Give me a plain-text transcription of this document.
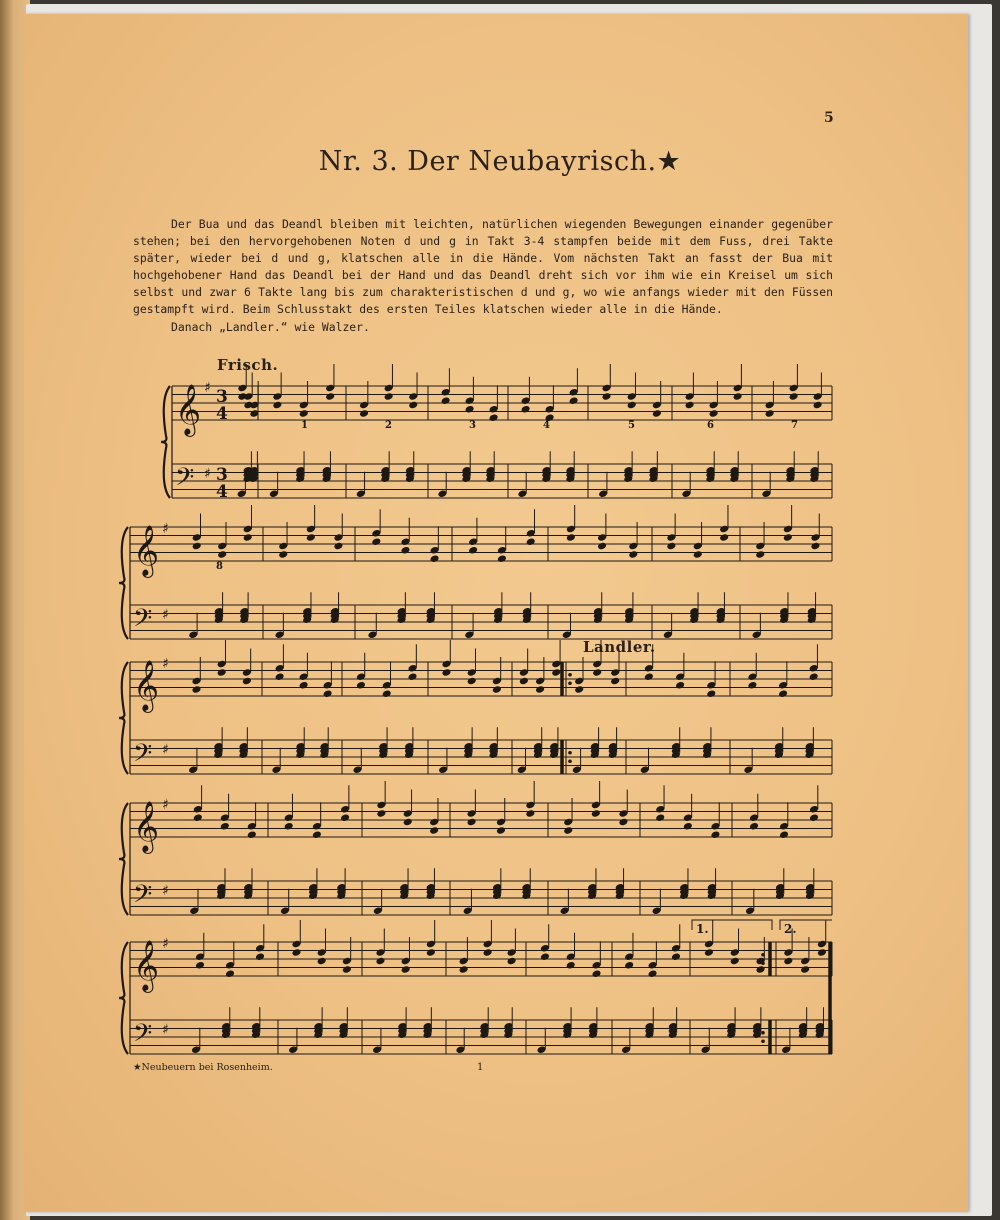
5
Nr. 3. Der Neubayrisch.★

Der Bua und das Deandl bleiben mit leichten, natürlichen wiegenden Bewegungen einander gegenüber stehen; bei den hervorgehobenen Noten d und g in Takt 3-4 stampfen beide mit dem Fuss, drei Takte später, wieder bei d und g, klatschen alle in die Hände. Vom nächsten Takt an fasst der Bua mit hochgehobener Hand das Deandl bei der Hand und das Deandl dreht sich vor ihm wie ein Kreisel um sich selbst und zwar 6 Takte lang bis zum charakteristischen d und g, wo wie anfangs wieder mit den Füssen gestampft wird. Beim Schlusstakt des ersten Teiles klatschen wieder alle in die Hände.

Danach „Landler.“ wie Walzer.

Frisch.
Landler.
𝄞
𝄢
♯
♯
3
4
3
4
𝄞
𝄢
♯
♯
𝄞
𝄢
♯
♯
𝄞
𝄢
♯
♯
𝄞
𝄢
♯
♯
1.	2.
1	2	3	4	5	6	7
8
★Neubeuern bei Rosenheim.	1
